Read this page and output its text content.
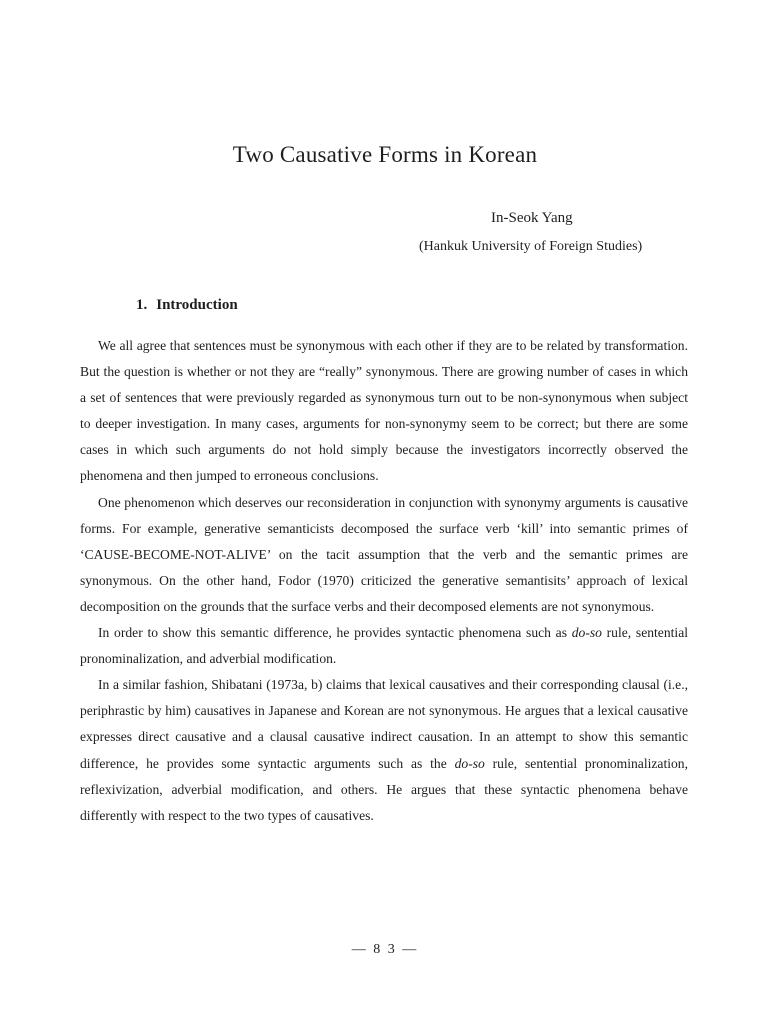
Two Causative Forms in Korean
In-Seok Yang
(Hankuk University of Foreign Studies)
1. Introduction

We all agree that sentences must be synonymous with each other if they are to be related by transformation. But the question is whether or not they are “really” synonymous. There are growing number of cases in which a set of sentences that were previously regarded as synonymous turn out to be non-synonymous when subject to deeper investigation. In many cases, arguments for non-synonymy seem to be correct; but there are some cases in which such arguments do not hold simply because the investigators incorrectly observed the phenomena and then jumped to erroneous conclusions.

One phenomenon which deserves our reconsideration in conjunction with synonymy arguments is causative forms. For example, generative semanticists decomposed the surface verb ‘kill’ into semantic primes of ‘CAUSE-BECOME-NOT-ALIVE’ on the tacit assumption that the verb and the semantic primes are synonymous. On the other hand, Fodor (1970) criticized the generative semantisits’ approach of lexical decomposition on the grounds that the surface verbs and their decomposed elements are not synonymous.

In order to show this semantic difference, he provides syntactic phenomena such as do-so rule, sentential pronominalization, and adverbial modification.

In a similar fashion, Shibatani (1973a, b) claims that lexical causatives and their corresponding clausal (i.e., periphrastic by him) causatives in Japanese and Korean are not synonymous. He argues that a lexical causative expresses direct causative and a clausal causative indirect causation. In an attempt to show this semantic difference, he provides some syntactic arguments such as the do-so rule, sentential pronominalization, reflexivization, adverbial modification, and others. He argues that these syntactic phenomena behave differently with respect to the two types of causatives.

— 8 3 —
